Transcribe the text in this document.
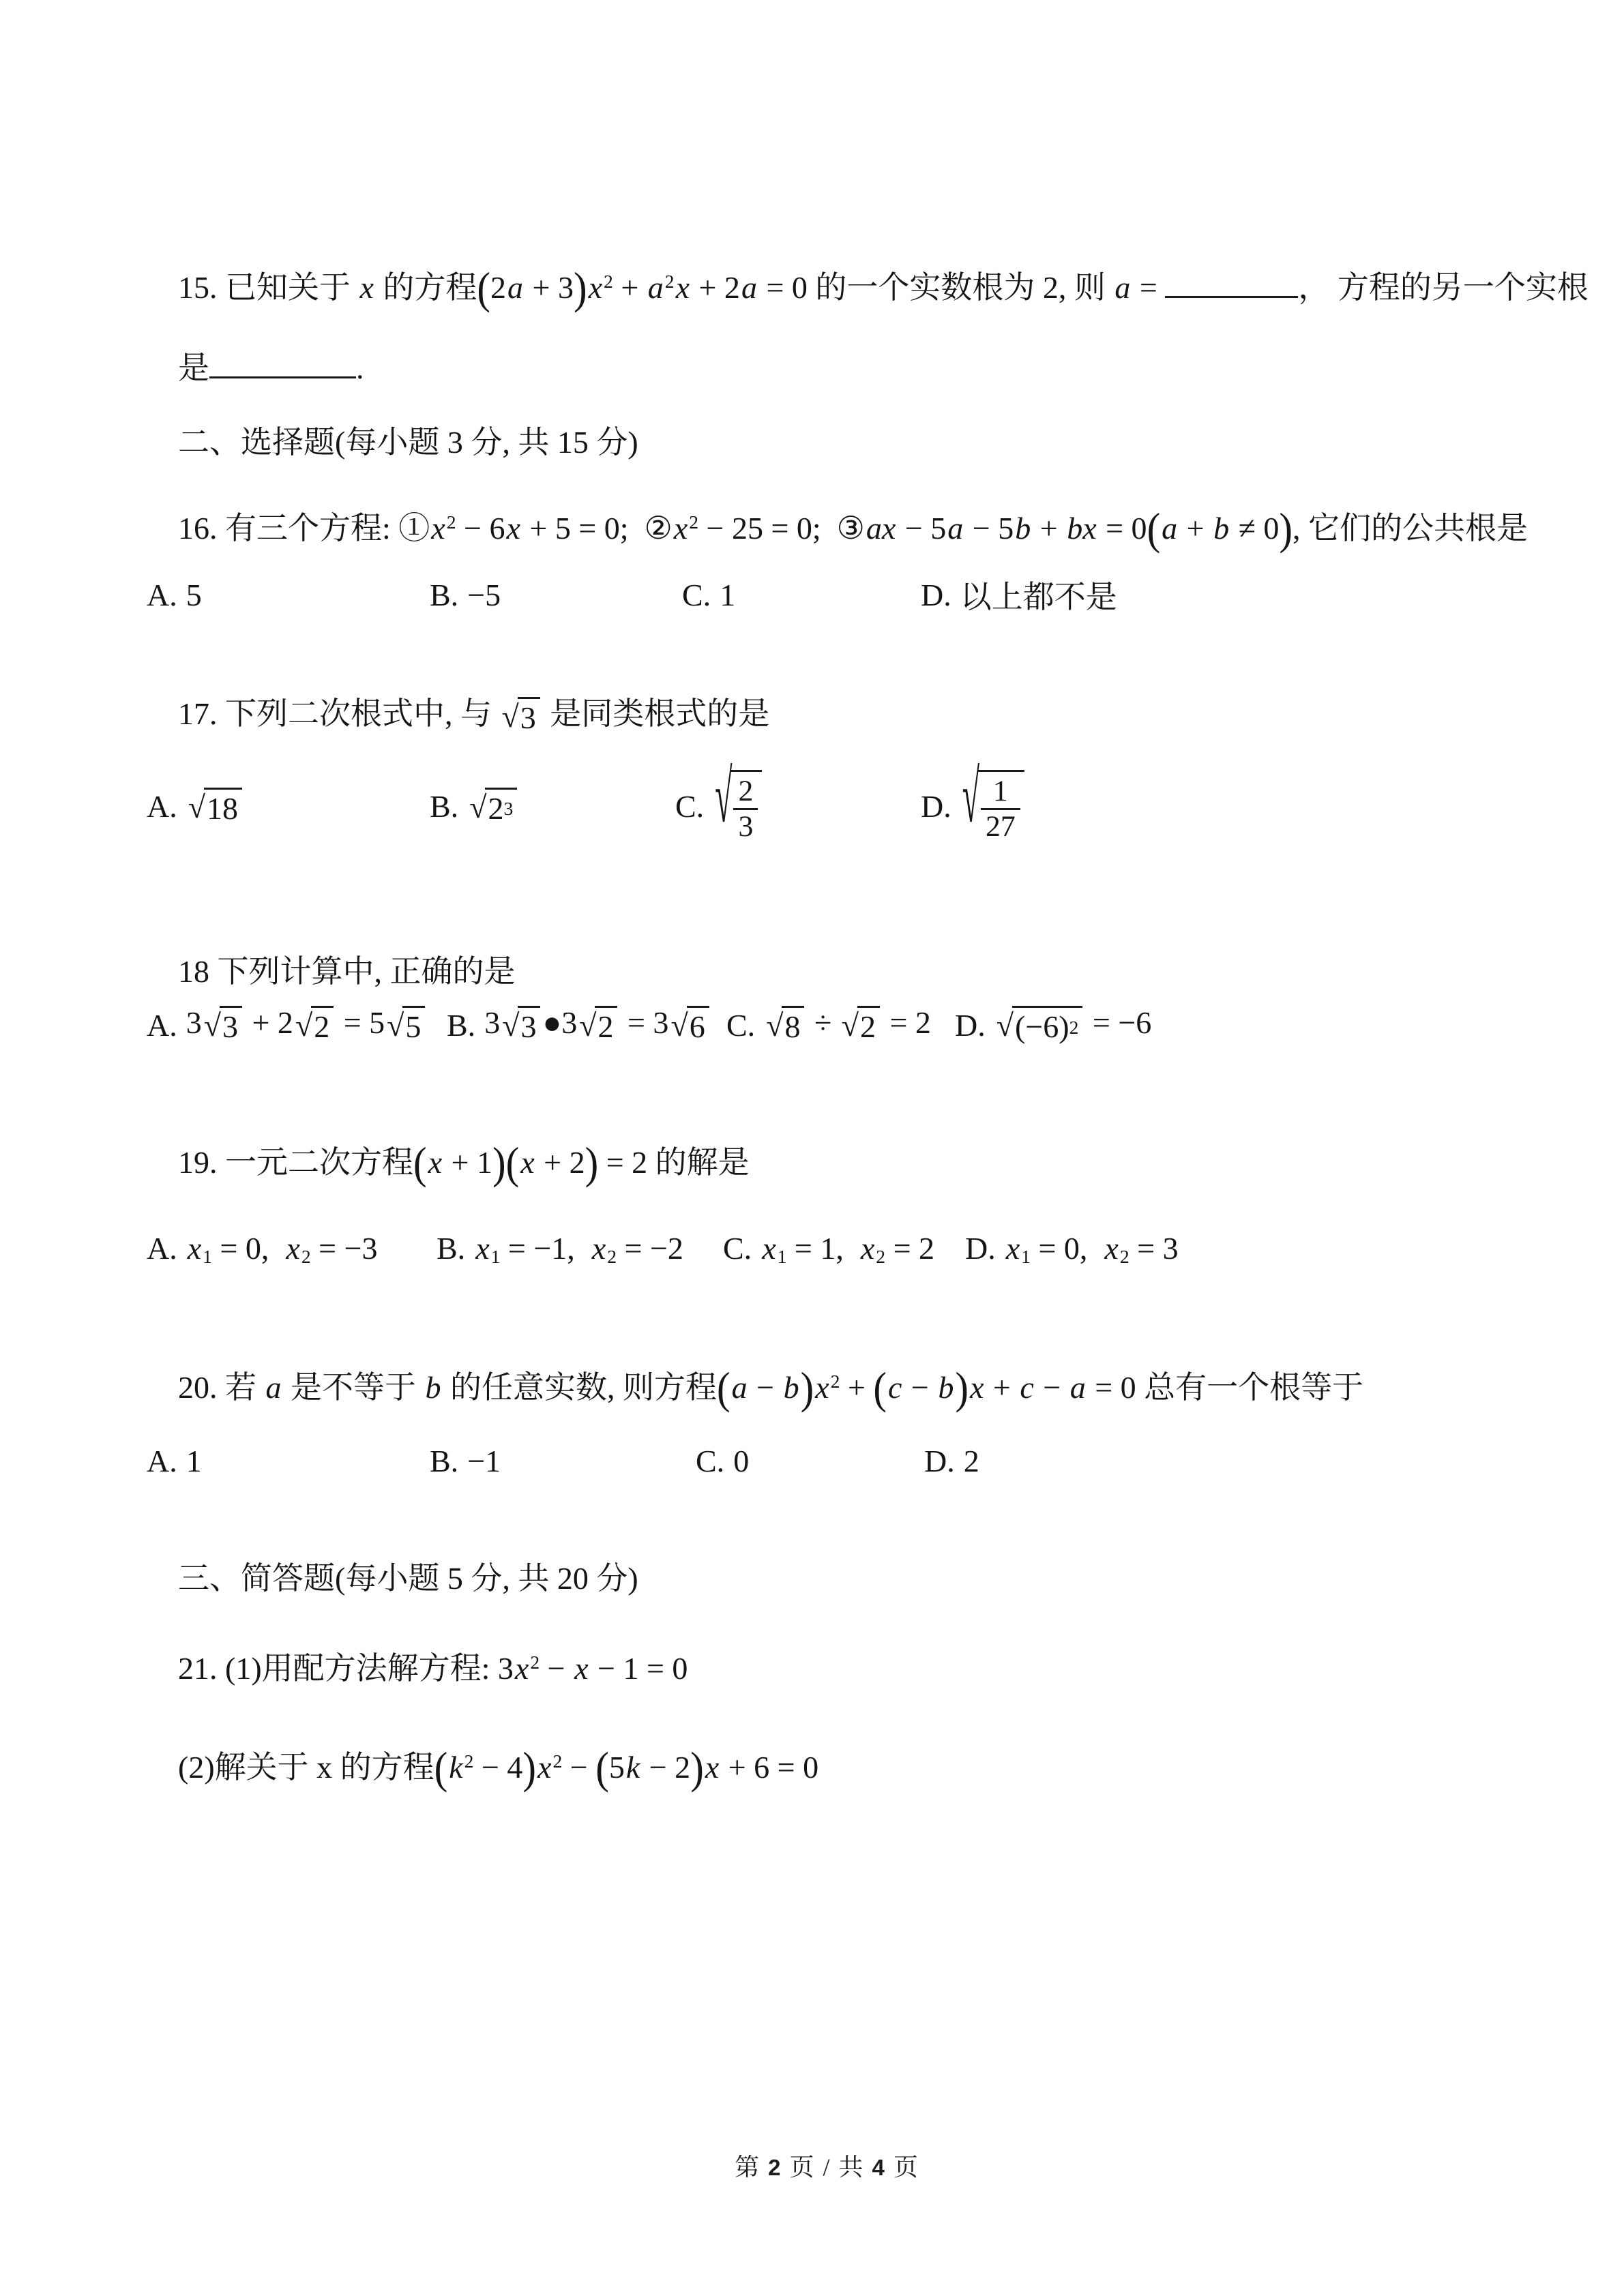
15. 已知关于 x 的方程$(2a + 3)x^2 + a^2x + 2a = 0$ 的一个实数根为 2, 则 a =	， 方程的另一个实根

是	.

二、选择题(每小题 3 分, 共 15 分)

16. 有三个方程: $①x^2 - 6x + 5 = 0$;  $②x^2 - 25 = 0$;  ③ax − 5a − 5b + bx = 0(a + b ≠ 0), 它们的公共根是

A. 5	B. −5	C. 1	D. 以上都不是

17. 下列二次根式中, 与 √ 3 是同类根式的是

A. √ 18	B. √ 2 3	C. √ $\frac{2}{3}$	D. √ $\frac{1}{27}$

18 下列计算中, 正确的是

A. 3 √ 3 + 2 √ 2 = 5 √ 5 B. 3 √ 3 ●3 √ 2 = 3 √ 6 C. √ 8 ÷ √ 2 = 2 D. √ (−6) 2 = −6

19. 一元二次方程(x + 1)(x + 2) = 2 的解是

A. $x_1 = 0$,  $x_2 = -3$ B. $x_1 = -1$,  $x_2 = -2$ C. $x_1 = 1$,  $x_2 = 2$ D. $x_1 = 0$,  $x_2 = 3$

20. 若 a 是不等于 b 的任意实数, 则方程$(a - b)x^2 + (c - b)x + c - a = 0$ 总有一个根等于

A. 1	B. −1	C. 0	D. 2

三、简答题(每小题 5 分, 共 20 分)

21. (1)用配方法解方程: $3x^2 - x - 1 = 0$

(2)解关于 x 的方程$(k^2 - 4)x^2 - (5k - 2)x + 6 = 0$

第 2 页 / 共 4 页
